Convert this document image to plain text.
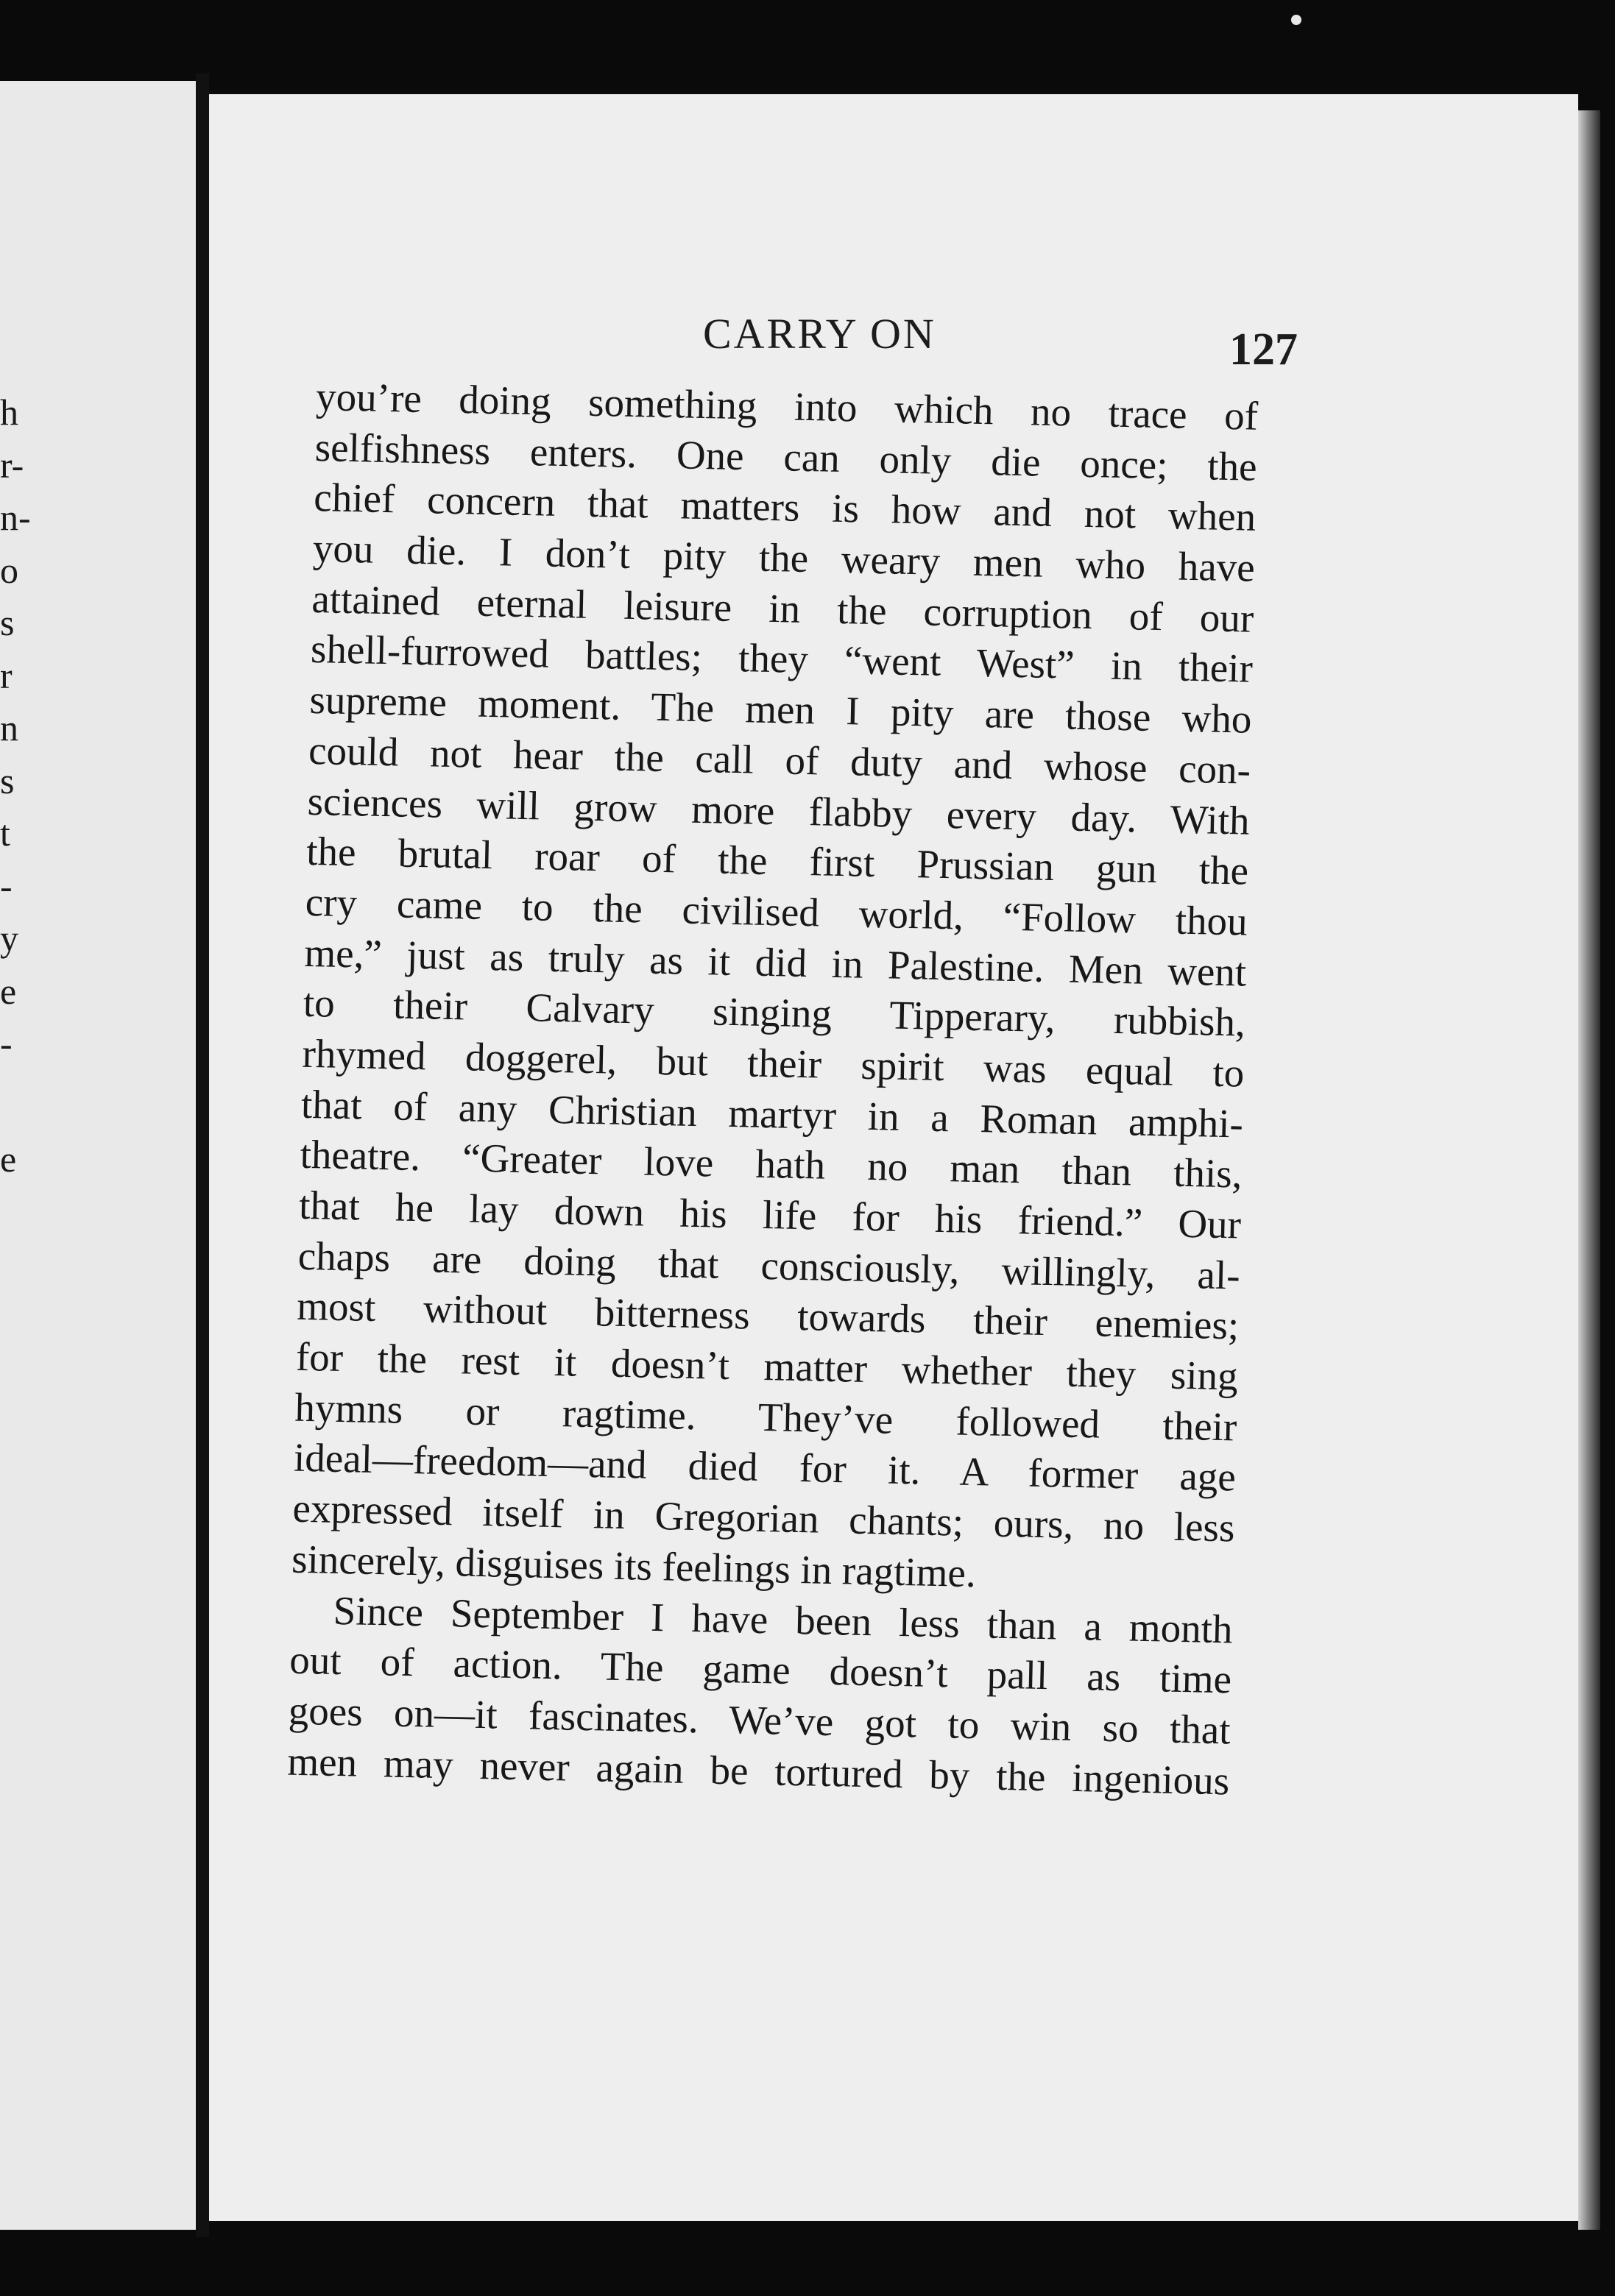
h
r-
n-
o
s
r
n
s
t
-
y
e
-
e
CARRY ON	127
you’re doing something into which no trace of
selfishness enters. One can only die once; the
chief concern that matters is how and not when
you die. I don’t pity the weary men who have
attained eternal leisure in the corruption of our
shell-furrowed battles; they “went West” in their
supreme moment. The men I pity are those who
could not hear the call of duty and whose con-
sciences will grow more flabby every day. With
the brutal roar of the first Prussian gun the
cry came to the civilised world, “Follow thou
me,” just as truly as it did in Palestine. Men went
to their Calvary singing Tipperary, rubbish,
rhymed doggerel, but their spirit was equal to
that of any Christian martyr in a Roman amphi-
theatre. “Greater love hath no man than this,
that he lay down his life for his friend.” Our
chaps are doing that consciously, willingly, al-
most without bitterness towards their enemies;
for the rest it doesn’t matter whether they sing
hymns or ragtime. They’ve followed their
ideal—freedom—and died for it. A former age
expressed itself in Gregorian chants; ours, no less
sincerely, disguises its feelings in ragtime.
Since September I have been less than a month
out of action. The game doesn’t pall as time
goes on—it fascinates. We’ve got to win so that
men may never again be tortured by the ingenious
